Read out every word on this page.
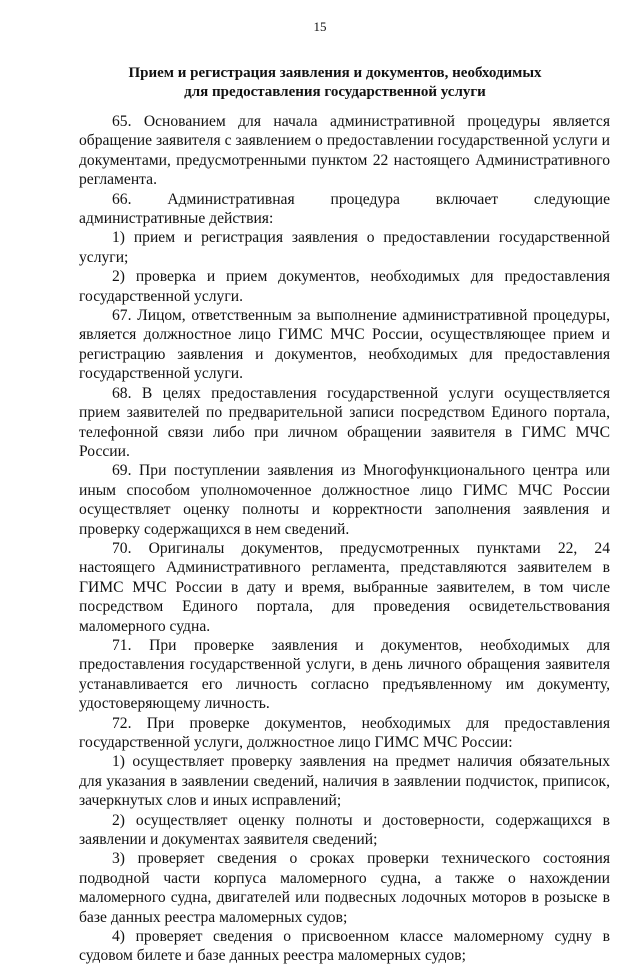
15
Прием и регистрация заявления и документов, необходимых
для предоставления государственной услуги

65. Основанием для начала административной процедуры является обращение заявителя с заявлением о предоставлении государственной услуги и документами, предусмотренными пунктом 22 настоящего Административного регламента.

66. Административная процедура включает следующие административные действия:

1) прием и регистрация заявления о предоставлении государственной услуги;

2) проверка и прием документов, необходимых для предоставления государственной услуги.

67. Лицом, ответственным за выполнение административной процедуры, является должностное лицо ГИМС МЧС России, осуществляющее прием и регистрацию заявления и документов, необходимых для предоставления государственной услуги.

68. В целях предоставления государственной услуги осуществляется прием заявителей по предварительной записи посредством Единого портала, телефонной связи либо при личном обращении заявителя в ГИМС МЧС России.

69. При поступлении заявления из Многофункционального центра или иным способом уполномоченное должностное лицо ГИМС МЧС России осуществляет оценку полноты и корректности заполнения заявления и проверку содержащихся в нем сведений.

70. Оригиналы документов, предусмотренных пунктами 22, 24 настоящего Административного регламента, представляются заявителем в ГИМС МЧС России в дату и время, выбранные заявителем, в том числе посредством Единого портала, для проведения освидетельствования маломерного судна.

71. При проверке заявления и документов, необходимых для предоставления государственной услуги, в день личного обращения заявителя устанавливается его личность согласно предъявленному им документу, удостоверяющему личность.

72. При проверке документов, необходимых для предоставления государственной услуги, должностное лицо ГИМС МЧС России:

1) осуществляет проверку заявления на предмет наличия обязательных для указания в заявлении сведений, наличия в заявлении подчисток, приписок, зачеркнутых слов и иных исправлений;

2) осуществляет оценку полноты и достоверности, содержащихся в заявлении и документах заявителя сведений;

3) проверяет сведения о сроках проверки технического состояния подводной части корпуса маломерного судна, а также о нахождении маломерного судна, двигателей или подвесных лодочных моторов в розыске в базе данных реестра маломерных судов;

4) проверяет сведения о присвоенном классе маломерному судну в судовом билете и базе данных реестра маломерных судов;
